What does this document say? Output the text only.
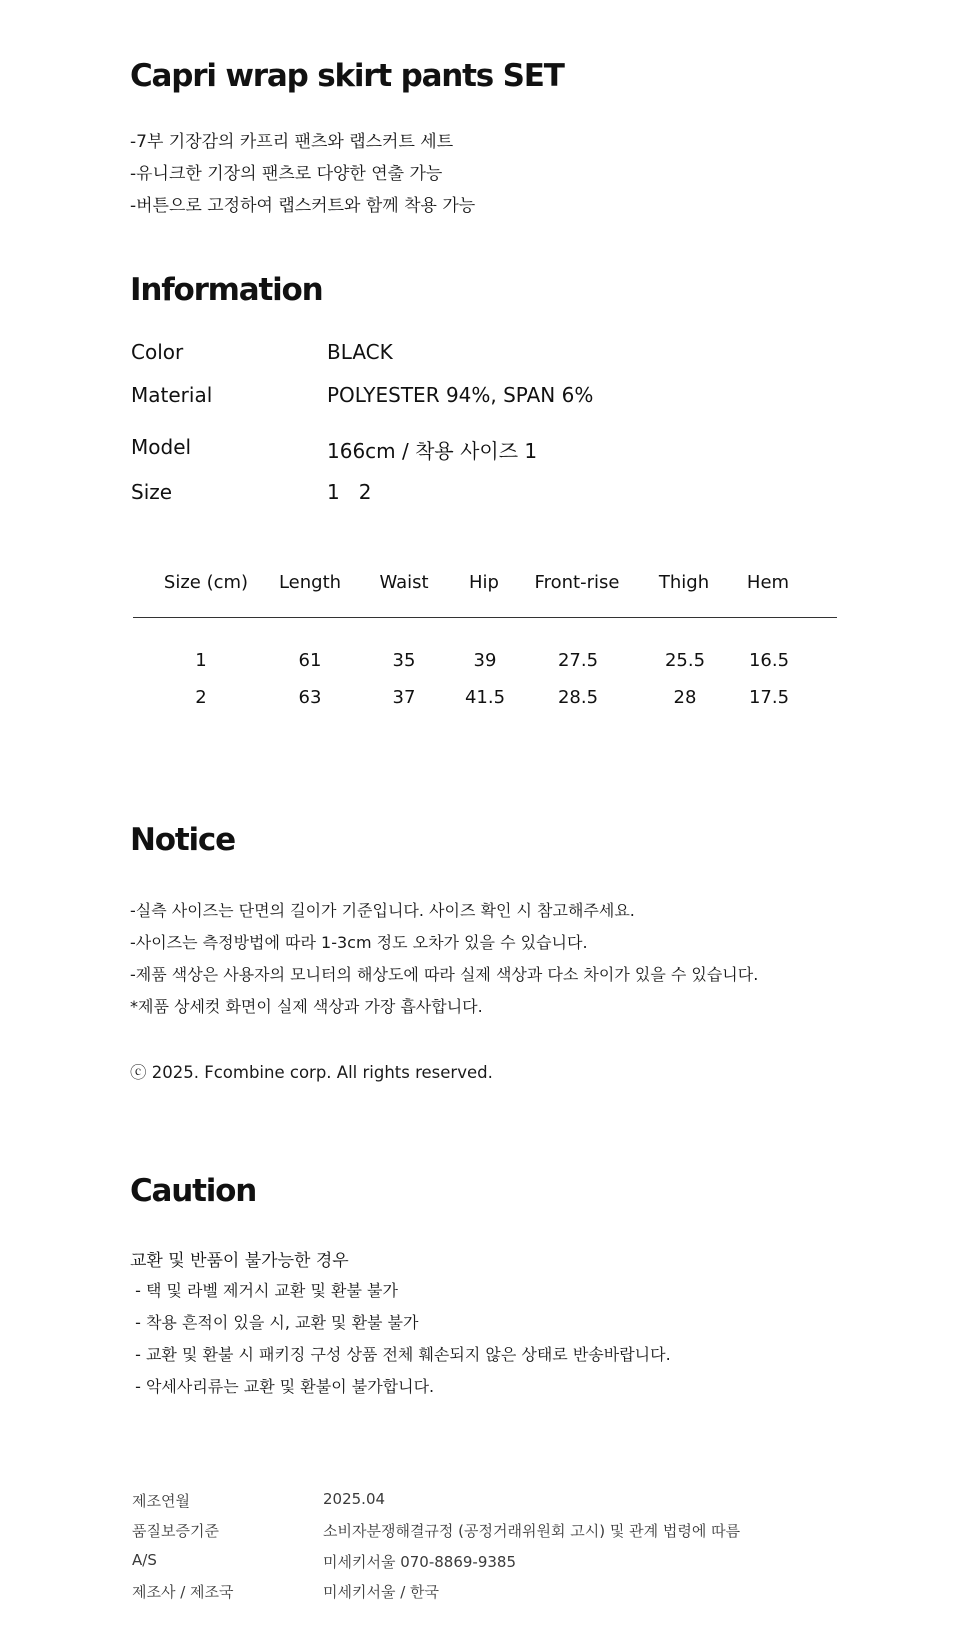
Capri wrap skirt pants SET
-7부 기장감의 카프리 팬츠와 랩스커트 세트
-유니크한 기장의 팬츠로 다양한 연출 가능
-버튼으로 고정하여 랩스커트와 함께 착용 가능
Information
Color	BLACK
Material	POLYESTER 94%, SPAN 6%
Model	166cm / 착용 사이즈 1
Size	1   2
Size (cm) Length Waist Hip Front-rise Thigh Hem
1	61	35	39	27.5	25.5 16.5
2	63	37	41.5	28.5	28	17.5
Notice
-실측 사이즈는 단면의 길이가 기준입니다. 사이즈 확인 시 참고해주세요.
-사이즈는 측정방법에 따라 1-3cm 정도 오차가 있을 수 있습니다.
-제품 색상은 사용자의 모니터의 해상도에 따라 실제 색상과 다소 차이가 있을 수 있습니다.
*제품 상세컷 화면이 실제 색상과 가장 흡사합니다.
ⓒ 2025. Fcombine corp. All rights reserved.
Caution
교환 및 반품이 불가능한 경우
- 택 및 라벨 제거시 교환 및 환불 불가
- 착용 흔적이 있을 시, 교환 및 환불 불가
- 교환 및 환불 시 패키징 구성 상품 전체 훼손되지 않은 상태로 반송바랍니다.
- 악세사리류는 교환 및 환불이 불가합니다.
제조연월	2025.04
품질보증기준	소비자분쟁해결규정 (공정거래위원회 고시) 및 관계 법령에 따름
A/S	미세키서울 070-8869-9385
제조사 / 제조국	미세키서울 / 한국
